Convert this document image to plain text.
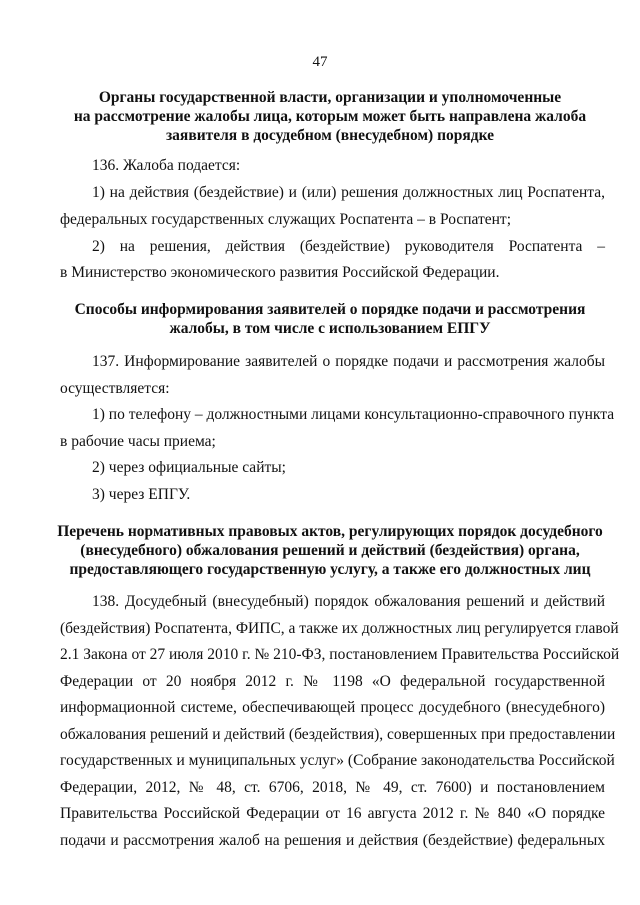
47
Органы государственной власти, организации и уполномоченные
на рассмотрение жалобы лица, которым может быть направлена жалоба
заявителя в досудебном (внесудебном) порядке
136. Жалоба подается:
1) на действия (бездействие) и (или) решения должностных лиц Роспатента,
федеральных государственных служащих Роспатента – в Роспатент;
2) на решения, действия (бездействие) руководителя Роспатента –
в Министерство экономического развития Российской Федерации.
Способы информирования заявителей о порядке подачи и рассмотрения
жалобы, в том числе с использованием ЕПГУ
137. Информирование заявителей о порядке подачи и рассмотрения жалобы
осуществляется:
1) по телефону – должностными лицами консультационно-справочного пункта
в рабочие часы приема;
2) через официальные сайты;
3) через ЕПГУ.
Перечень нормативных правовых актов, регулирующих порядок досудебного
(внесудебного) обжалования решений и действий (бездействия) органа,
предоставляющего государственную услугу, а также его должностных лиц
138. Досудебный (внесудебный) порядок обжалования решений и действий
(бездействия) Роспатента, ФИПС, а также их должностных лиц регулируется главой
2.1 Закона от 27 июля 2010 г. № 210-ФЗ, постановлением Правительства Российской
Федерации от 20 ноября 2012 г. № 1198 «О федеральной государственной
информационной системе, обеспечивающей процесс досудебного (внесудебного)
обжалования решений и действий (бездействия), совершенных при предоставлении
государственных и муниципальных услуг» (Собрание законодательства Российской
Федерации, 2012, № 48, ст. 6706, 2018, № 49, ст. 7600) и постановлением
Правительства Российской Федерации от 16 августа 2012 г. № 840 «О порядке
подачи и рассмотрения жалоб на решения и действия (бездействие) федеральных
